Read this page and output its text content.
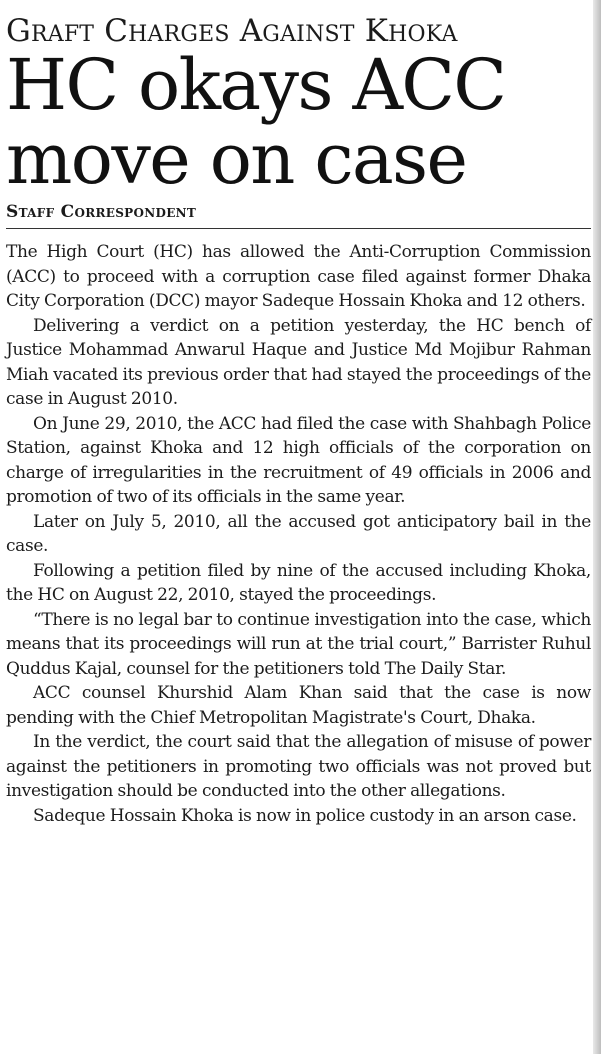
Graft Charges Against Khoka
HC okays ACC
move on case
Staff Correspondent

The High Court (HC) has allowed the Anti-Corruption Commission (ACC) to proceed with a corruption case filed against former Dhaka City Corporation (DCC) mayor Sadeque Hossain Khoka and 12 others.

Delivering a verdict on a petition yesterday, the HC bench of Justice Mohammad Anwarul Haque and Justice Md Mojibur Rahman Miah vacated its previous order that had stayed the proceedings of the case in August 2010.

On June 29, 2010, the ACC had filed the case with Shahbagh Police Station, against Khoka and 12 high officials of the corporation on charge of irregularities in the recruitment of 49 officials in 2006 and promotion of two of its officials in the same year.

Later on July 5, 2010, all the accused got anticipatory bail in the case.

Following a petition filed by nine of the accused including Khoka, the HC on August 22, 2010, stayed the proceedings.

“There is no legal bar to continue investigation into the case, which means that its proceedings will run at the trial court,” Barrister Ruhul Quddus Kajal, counsel for the petitioners told The Daily Star.

ACC counsel Khurshid Alam Khan said that the case is now pending with the Chief Metropolitan Magistrate's Court, Dhaka.

In the verdict, the court said that the allegation of misuse of power against the petitioners in promoting two officials was not proved but investigation should be conducted into the other allegations.

Sadeque Hossain Khoka is now in police custody in an arson case.
